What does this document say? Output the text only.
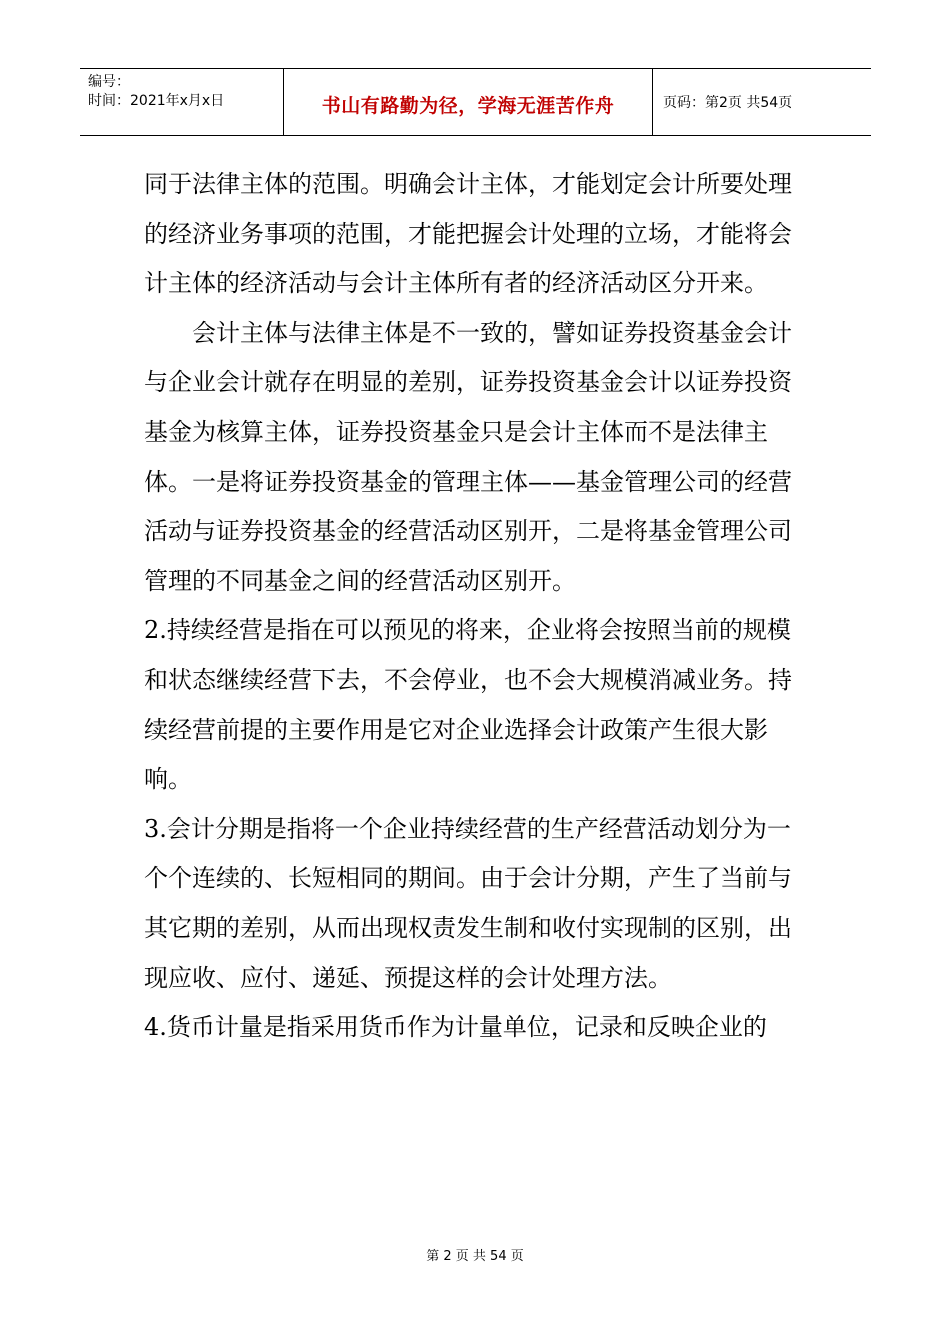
编号：
时间：2021年x月x日	书山有路勤为径，学海无涯苦作舟	页码：第2页 共54页

同于法律主体的范围。明确会计主体，才能划定会计所要处理的经济业务事项的范围，才能把握会计处理的立场，才能将会计主体的经济活动与会计主体所有者的经济活动区分开来。

会计主体与法律主体是不一致的，譬如证券投资基金会计与企业会计就存在明显的差别，证券投资基金会计以证券投资基金为核算主体，证券投资基金只是会计主体而不是法律主体。一是将证券投资基金的管理主体——基金管理公司的经营活动与证券投资基金的经营活动区别开，二是将基金管理公司管理的不同基金之间的经营活动区别开。

2.持续经营是指在可以预见的将来，企业将会按照当前的规模和状态继续经营下去，不会停业，也不会大规模消减业务。持续经营前提的主要作用是它对企业选择会计政策产生很大影响。

3.会计分期是指将一个企业持续经营的生产经营活动划分为一个个连续的、长短相同的期间。由于会计分期，产生了当前与其它期的差别，从而出现权责发生制和收付实现制的区别，出现应收、应付、递延、预提这样的会计处理方法。

4.货币计量是指采用货币作为计量单位，记录和反映企业的

第 2 页 共 54 页
